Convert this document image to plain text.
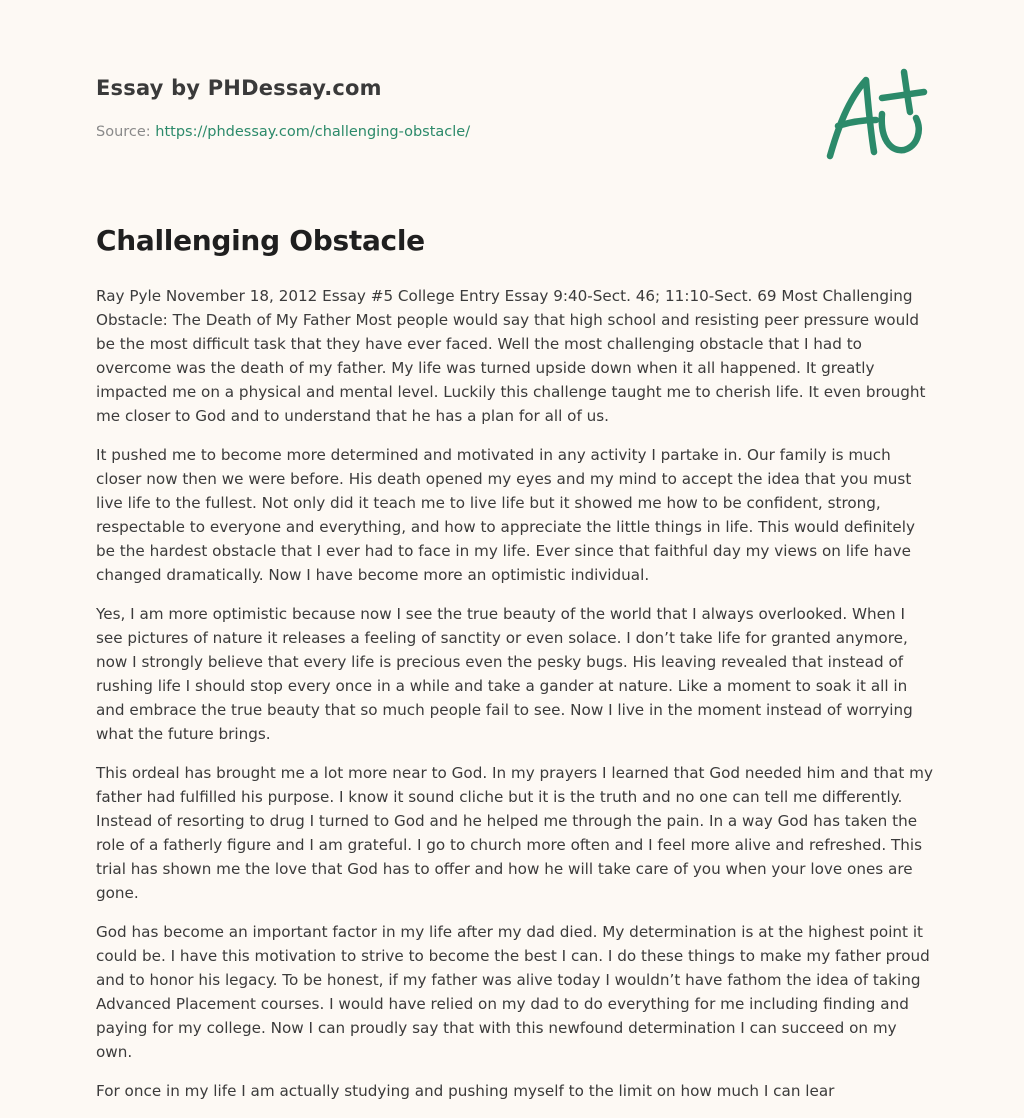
Essay by PHDessay.com
Source: https://phdessay.com/challenging-obstacle/
Challenging Obstacle

Ray Pyle November 18, 2012 Essay #5 College Entry Essay 9:40-Sect. 46; 11:10-Sect. 69 Most Challenging Obstacle: The Death of My Father Most people would say that high school and resisting peer pressure would be the most difficult task that they have ever faced. Well the most challenging obstacle that I had to overcome was the death of my father. My life was turned upside down when it all happened. It greatly impacted me on a physical and mental level. Luckily this challenge taught me to cherish life. It even brought me closer to God and to understand that he has a plan for all of us.

It pushed me to become more determined and motivated in any activity I partake in. Our family is much closer now then we were before. His death opened my eyes and my mind to accept the idea that you must live life to the fullest. Not only did it teach me to live life but it showed me how to be confident, strong, respectable to everyone and everything, and how to appreciate the little things in life. This would definitely be the hardest obstacle that I ever had to face in my life. Ever since that faithful day my views on life have changed dramatically. Now I have become more an optimistic individual.

Yes, I am more optimistic because now I see the true beauty of the world that I always overlooked. When I see pictures of nature it releases a feeling of sanctity or even solace. I don’t take life for granted anymore, now I strongly believe that every life is precious even the pesky bugs. His leaving revealed that instead of rushing life I should stop every once in a while and take a gander at nature. Like a moment to soak it all in and embrace the true beauty that so much people fail to see. Now I live in the moment instead of worrying what the future brings.

This ordeal has brought me a lot more near to God. In my prayers I learned that God needed him and that my father had fulfilled his purpose. I know it sound cliche but it is the truth and no one can tell me differently. Instead of resorting to drug I turned to God and he helped me through the pain. In a way God has taken the role of a fatherly figure and I am grateful. I go to church more often and I feel more alive and refreshed. This trial has shown me the love that God has to offer and how he will take care of you when your love ones are gone.

God has become an important factor in my life after my dad died. My determination is at the highest point it could be. I have this motivation to strive to become the best I can. I do these things to make my father proud and to honor his legacy. To be honest, if my father was alive today I wouldn’t have fathom the idea of taking Advanced Placement courses. I would have relied on my dad to do everything for me including finding and paying for my college. Now I can proudly say that with this newfound determination I can succeed on my own.

For once in my life I am actually studying and pushing myself to the limit on how much I can lear
